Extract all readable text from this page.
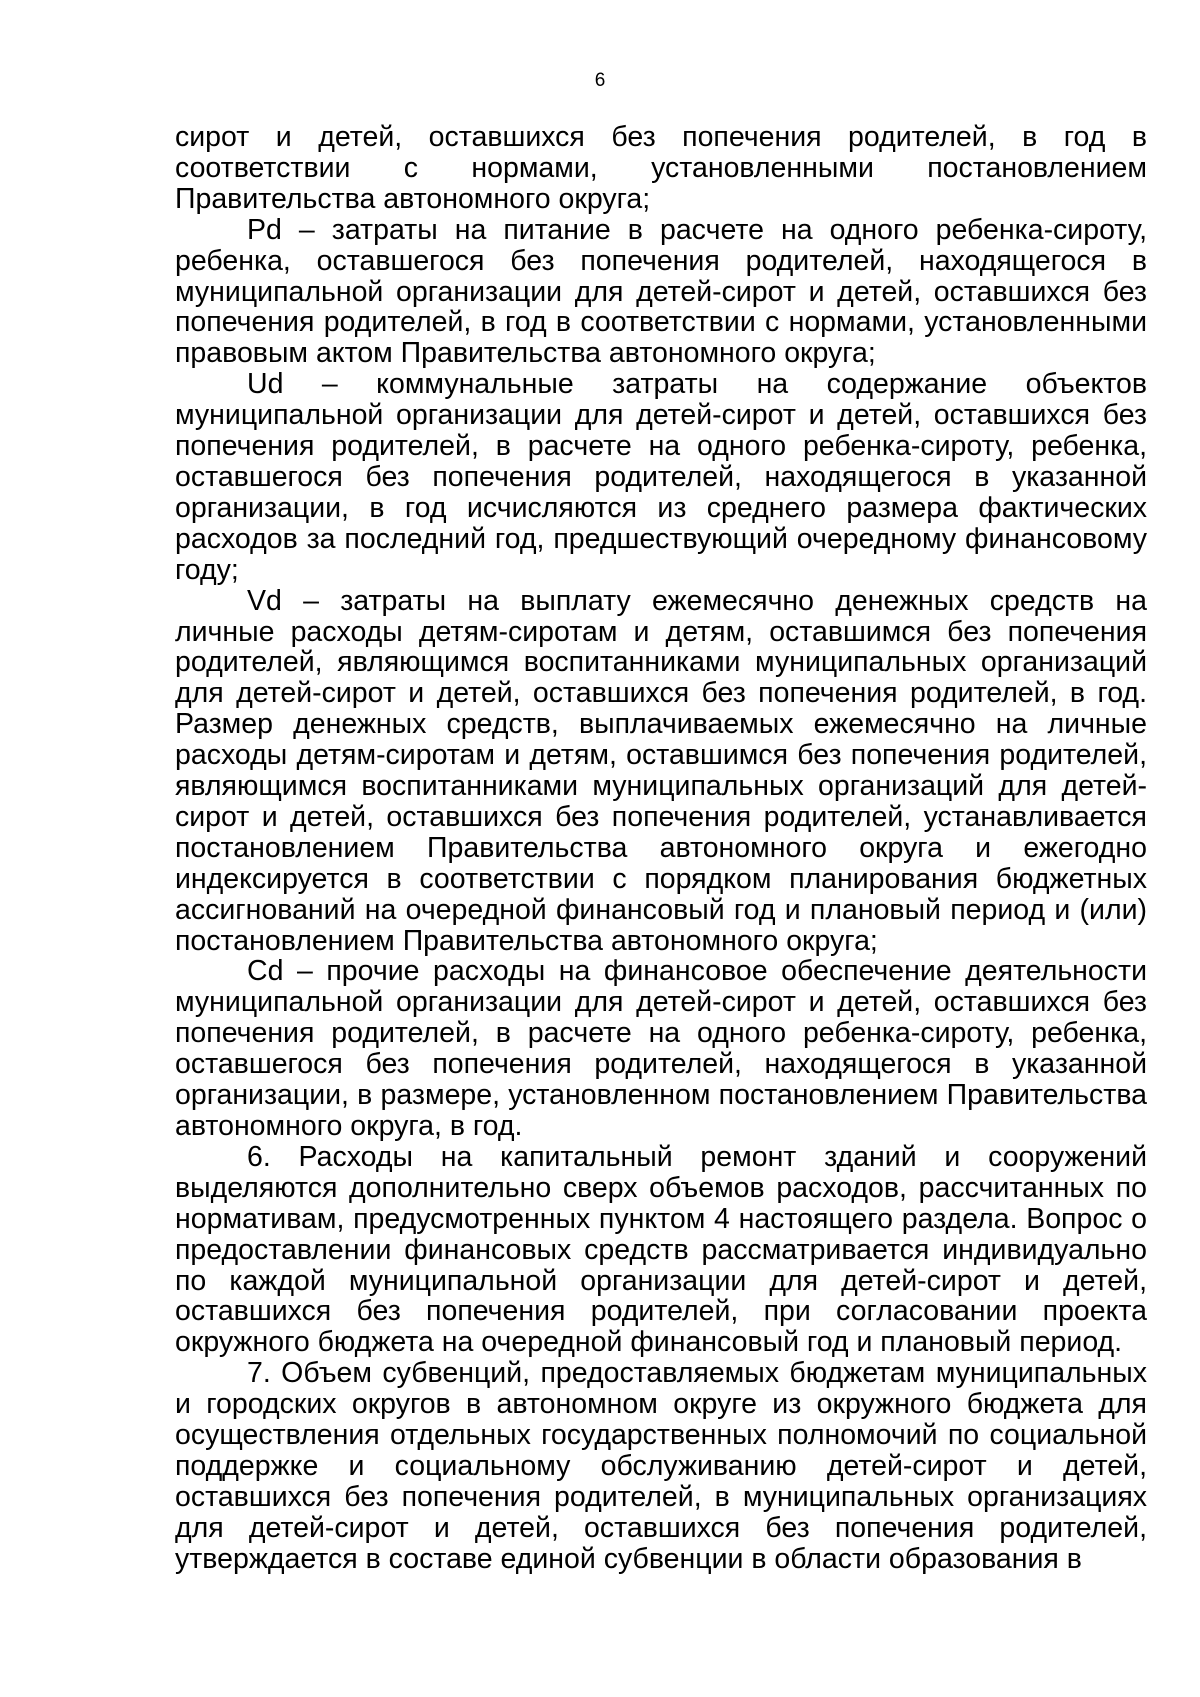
6

сирот и детей, оставшихся без попечения родителей, в год в соответствии с нормами, установленными постановлением Правительства автономного округа;

Pd – затраты на питание в расчете на одного ребенка-сироту, ребенка, оставшегося без попечения родителей, находящегося в муниципальной организации для детей-сирот и детей, оставшихся без попечения родителей, в год в соответствии с нормами, установленными правовым актом Правительства автономного округа;

Ud – коммунальные затраты на содержание объектов муниципальной организации для детей-сирот и детей, оставшихся без попечения родителей, в расчете на одного ребенка-сироту, ребенка, оставшегося без попечения родителей, находящегося в указанной организации, в год исчисляются из среднего размера фактических расходов за последний год, предшествующий очередному финансовому году;

Vd – затраты на выплату ежемесячно денежных средств на личные расходы детям-сиротам и детям, оставшимся без попечения родителей, являющимся воспитанниками муниципальных организаций для детей-сирот и детей, оставшихся без попечения родителей, в год. Размер денежных средств, выплачиваемых ежемесячно на личные расходы детям-сиротам и детям, оставшимся без попечения родителей, являющимся воспитанниками муниципальных организаций для детей-сирот и детей, оставшихся без попечения родителей, устанавливается постановлением Правительства автономного округа и ежегодно индексируется в соответствии с порядком планирования бюджетных ассигнований на очередной финансовый год и плановый период и (или) постановлением Правительства автономного округа;

Cd – прочие расходы на финансовое обеспечение деятельности муниципальной организации для детей-сирот и детей, оставшихся без попечения родителей, в расчете на одного ребенка-сироту, ребенка, оставшегося без попечения родителей, находящегося в указанной организации, в размере, установленном постановлением Правительства автономного округа, в год.

6. Расходы на капитальный ремонт зданий и сооружений выделяются дополнительно сверх объемов расходов, рассчитанных по нормативам, предусмотренных пунктом 4 настоящего раздела. Вопрос о предоставлении финансовых средств рассматривается индивидуально по каждой муниципальной организации для детей-сирот и детей, оставшихся без попечения родителей, при согласовании проекта окружного бюджета на очередной финансовый год и плановый период.

7. Объем субвенций, предоставляемых бюджетам муниципальных и городских округов в автономном округе из окружного бюджета для осуществления отдельных государственных полномочий по социальной поддержке и социальному обслуживанию детей-сирот и детей, оставшихся без попечения родителей, в муниципальных организациях для детей-сирот и детей, оставшихся без попечения родителей, утверждается в составе единой субвенции в области образования в
